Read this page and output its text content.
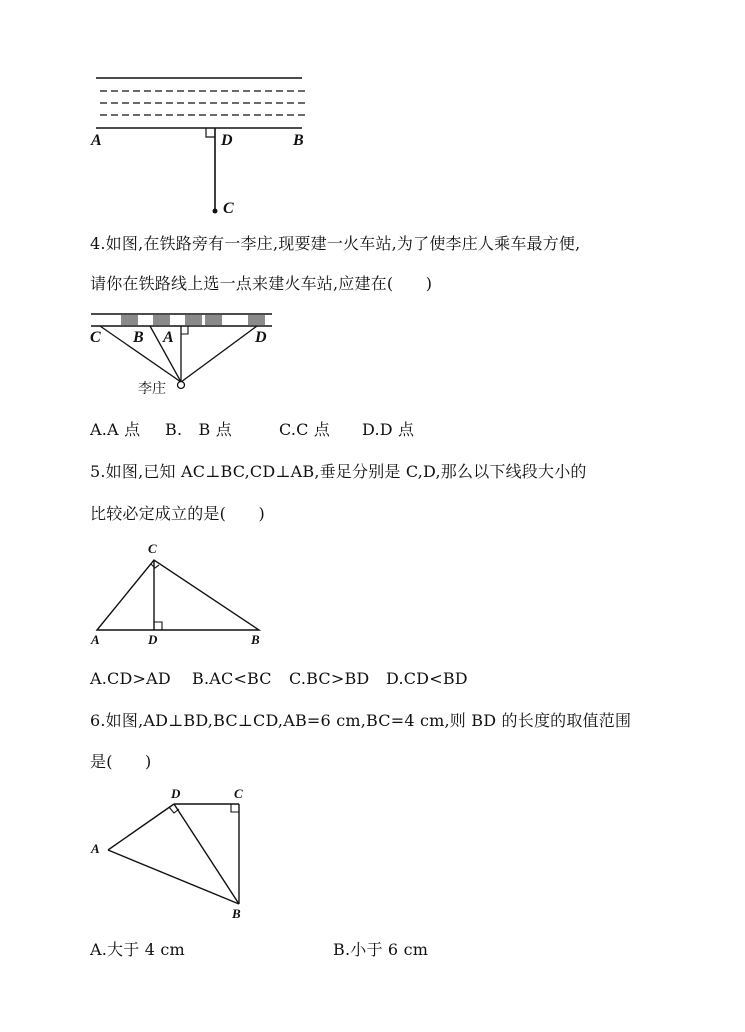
A	D	B
C
4.如图,在铁路旁有一李庄,现要建一火车站,为了使李庄人乘车最方便,
请你在铁路线上选一点来建火车站,应建在(　　)
C B A	D
李庄
A.A 点 B.　B 点	C.C 点 D.D 点
5.如图,已知 AC⊥BC,CD⊥AB,垂足分别是 C,D,那么以下线段大小的
比较必定成立的是(　　)
C
A	D	B
A.CD>AD B.AC<BC C.BC>BD D.CD<BD
6.如图,AD⊥BD,BC⊥CD,AB=6 cm,BC=4 cm,则 BD 的长度的取值范围
是(　　)
D	C
A
B
A.大于 4 cm	B.小于 6 cm
